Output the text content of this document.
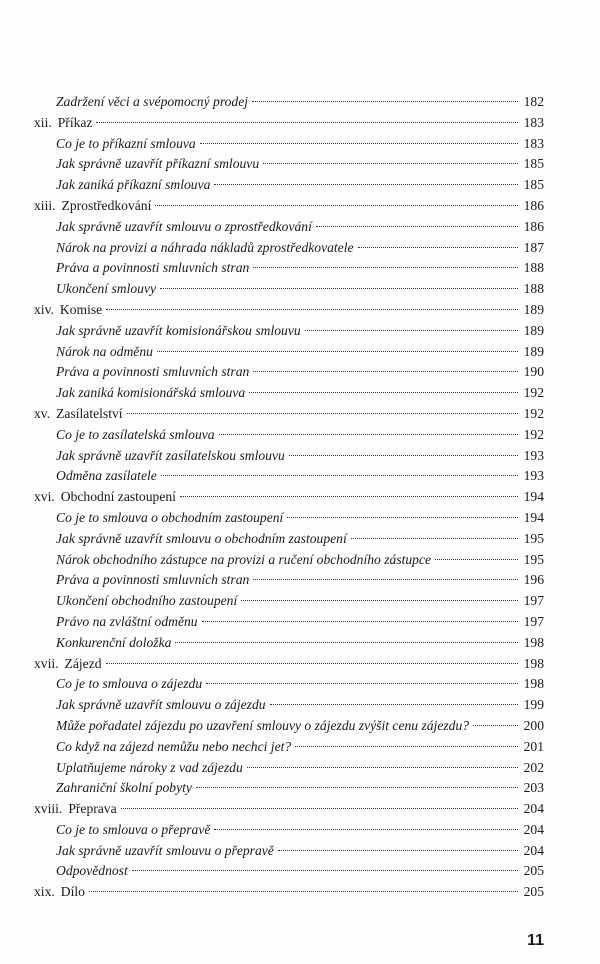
Zadržení věci a svépomocný prodej	182
xii. Příkaz	183
Co je to příkazní smlouva	183
Jak správně uzavřít příkazní smlouvu	185
Jak zaniká příkazní smlouva	185
xiii. Zprostředkování	186
Jak správně uzavřít smlouvu o zprostředkování	186
Nárok na provizi a náhrada nákladů zprostředkovatele	187
Práva a povinnosti smluvních stran	188
Ukončení smlouvy	188
xiv. Komise	189
Jak správně uzavřít komisionářskou smlouvu	189
Nárok na odměnu	189
Práva a povinnosti smluvních stran	190
Jak zaniká komisionářská smlouva	192
xv. Zasílatelství	192
Co je to zasílatelská smlouva	192
Jak správně uzavřít zasílatelskou smlouvu	193
Odměna zasílatele	193
xvi. Obchodní zastoupení	194
Co je to smlouva o obchodním zastoupení	194
Jak správně uzavřít smlouvu o obchodním zastoupení	195
Nárok obchodního zástupce na provizi a ručení obchodního zástupce	195
Práva a povinnosti smluvních stran	196
Ukončení obchodního zastoupení	197
Právo na zvláštní odměnu	197
Konkurenční doložka	198
xvii. Zájezd	198
Co je to smlouva o zájezdu	198
Jak správně uzavřít smlouvu o zájezdu	199
Může pořadatel zájezdu po uzavření smlouvy o zájezdu zvýšit cenu zájezdu?	200
Co když na zájezd nemůžu nebo nechci jet?	201
Uplatňujeme nároky z vad zájezdu	202
Zahraniční školní pobyty	203
xviii. Přeprava	204
Co je to smlouva o přepravě	204
Jak správně uzavřít smlouvu o přepravě	204
Odpovědnost	205
xix. Dílo	205
11
